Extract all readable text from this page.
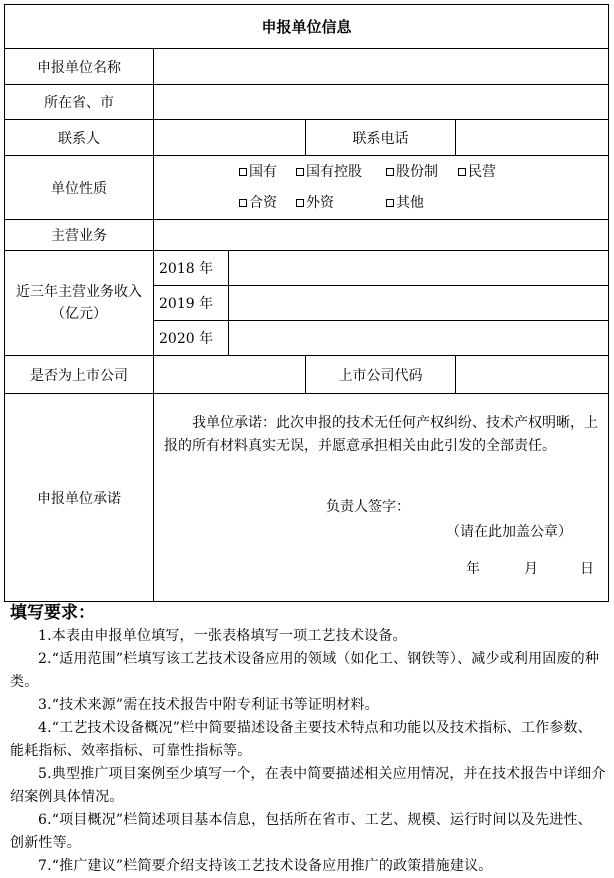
申报单位信息				
申报单位名称				
所在省、市				
联系人			联系电话	
单位性质	国有 国有控股 股份制 民营
合资 外资 其他			

主营业务				
近三年主营业务收入（亿元）	2018 年			
	2019 年			
	2020 年			
是否为上市公司			上市公司代码	
申报单位承诺	我单位承诺：此次申报的技术无任何产权纠纷、技术产权明晰，上报的所有材料真实无误，并愿意承担相关由此引发的全部责任。

负责人签字：
（请在此加盖公章）
年 月 日			
填写要求：

1.本表由申报单位填写，一张表格填写一项工艺技术设备。

2.“适用范围”栏填写该工艺技术设备应用的领域（如化工、钢铁等）、减少或利用固废的种类。

3.“技术来源”需在技术报告中附专利证书等证明材料。

4.“工艺技术设备概况”栏中简要描述设备主要技术特点和功能以及技术指标、工作参数、能耗指标、效率指标、可靠性指标等。

5.典型推广项目案例至少填写一个，在表中简要描述相关应用情况，并在技术报告中详细介绍案例具体情况。

6.“项目概况”栏简述项目基本信息，包括所在省市、工艺、规模、运行时间以及先进性、创新性等。

7.“推广建议”栏简要介绍支持该工艺技术设备应用推广的政策措施建议。
